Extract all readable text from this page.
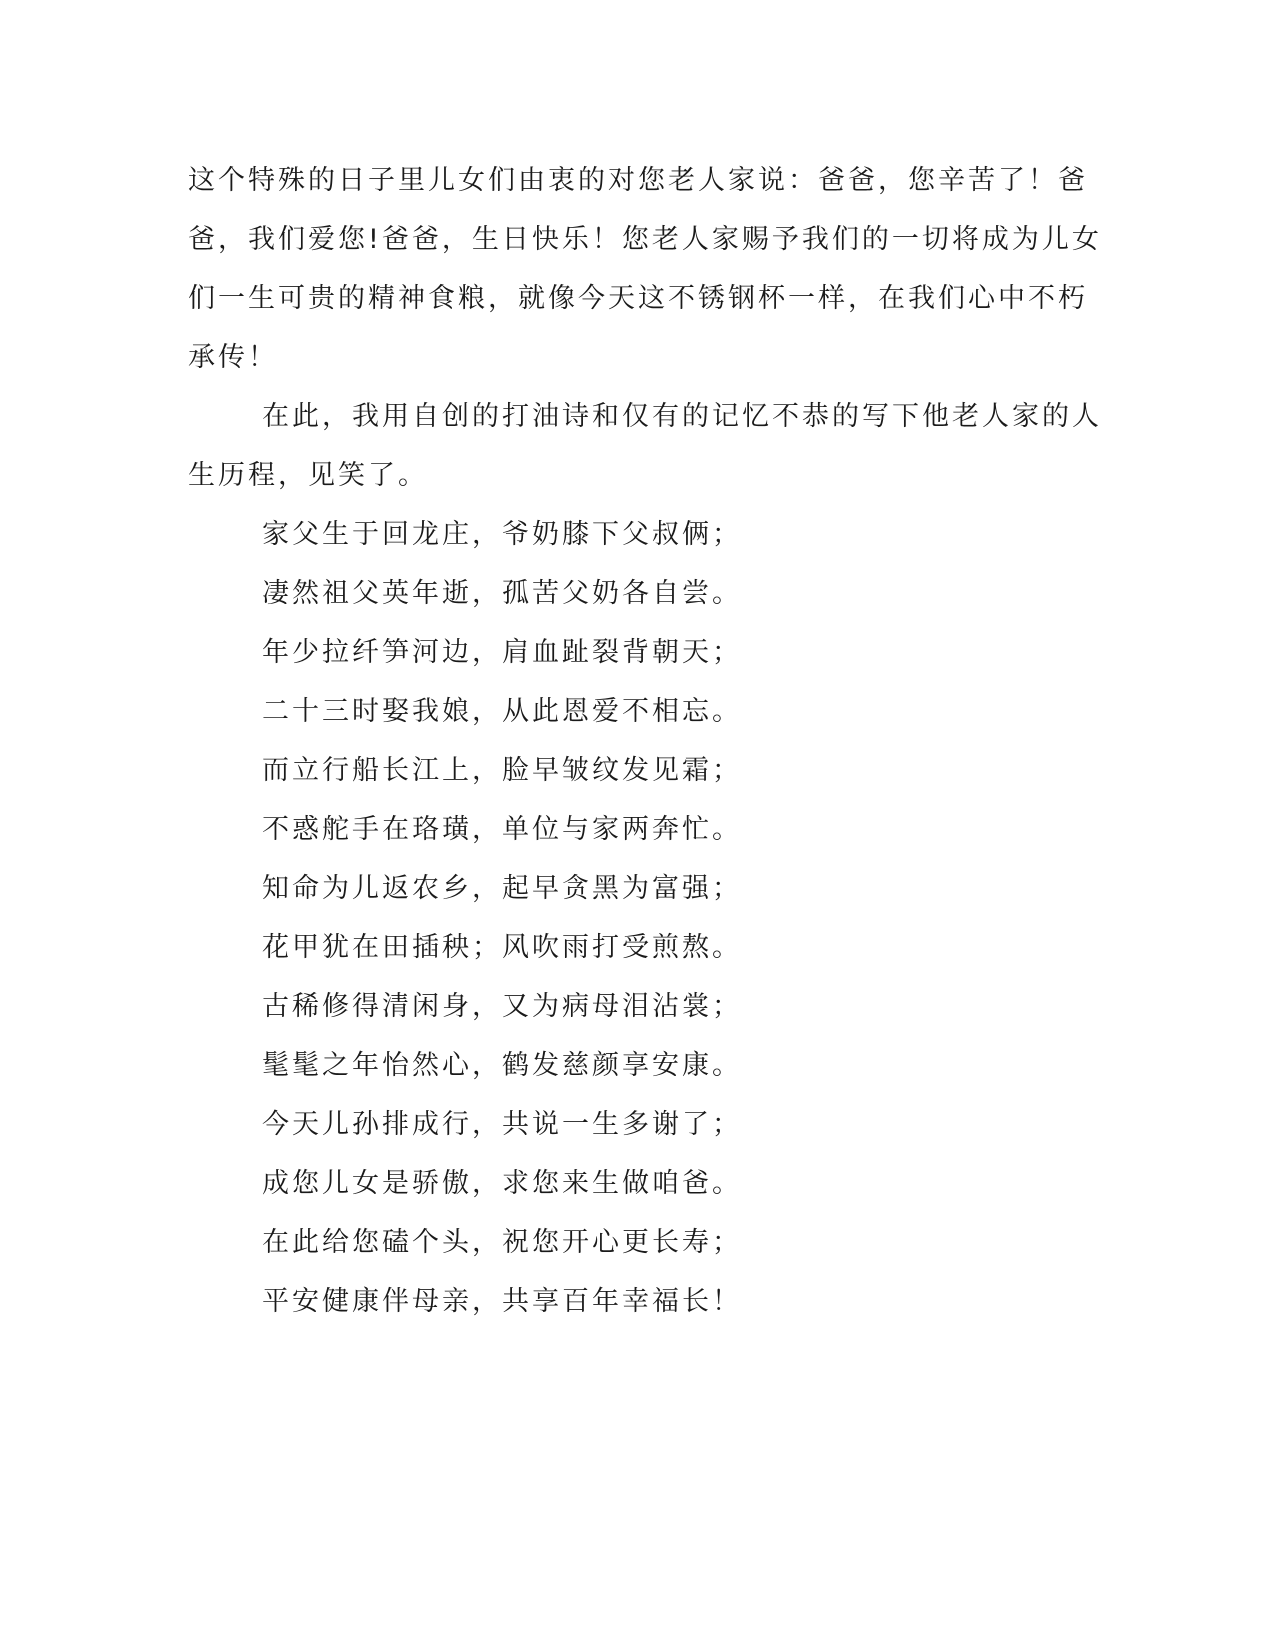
这个特殊的日子里儿女们由衷的对您老人家说：爸爸，您辛苦了！爸
爸，我们爱您!爸爸，生日快乐！您老人家赐予我们的一切将成为儿女
们一生可贵的精神食粮，就像今天这不锈钢杯一样，在我们心中不朽
承传！
在此，我用自创的打油诗和仅有的记忆不恭的写下他老人家的人
生历程，见笑了。
家父生于回龙庄，爷奶膝下父叔俩；
凄然祖父英年逝，孤苦父奶各自尝。
年少拉纤笋河边，肩血趾裂背朝天；
二十三时娶我娘，从此恩爱不相忘。
而立行船长江上，脸早皱纹发见霜；
不惑舵手在珞璜，单位与家两奔忙。
知命为儿返农乡，起早贪黑为富强；
花甲犹在田插秧；风吹雨打受煎熬。
古稀修得清闲身，又为病母泪沾裳；
髦髦之年怡然心，鹤发慈颜享安康。
今天儿孙排成行，共说一生多谢了；
成您儿女是骄傲，求您来生做咱爸。
在此给您磕个头，祝您开心更长寿；
平安健康伴母亲，共享百年幸福长！
